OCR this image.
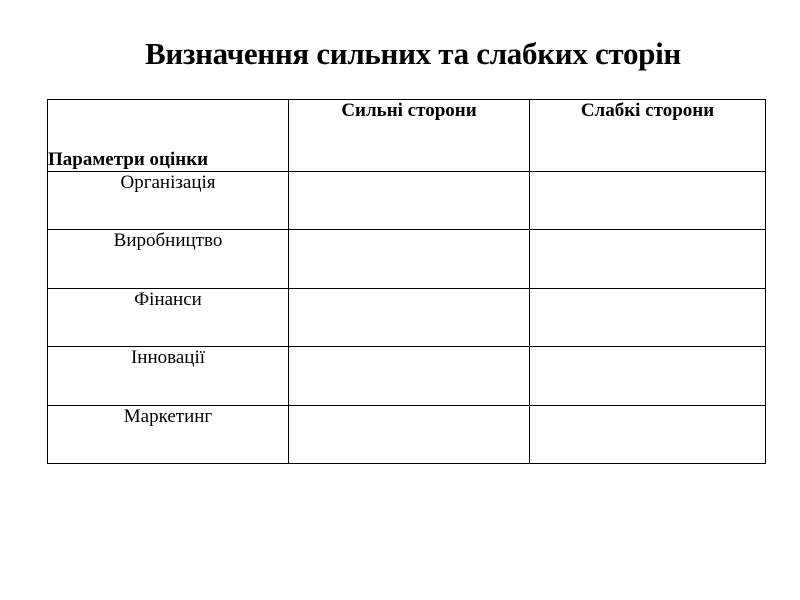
Визначення сильних та слабких сторін
Параметри оцінки	Сильні сторони	Слабкі сторони
Організація		
Виробництво		
Фінанси		
Інновації		
Маркетинг		
